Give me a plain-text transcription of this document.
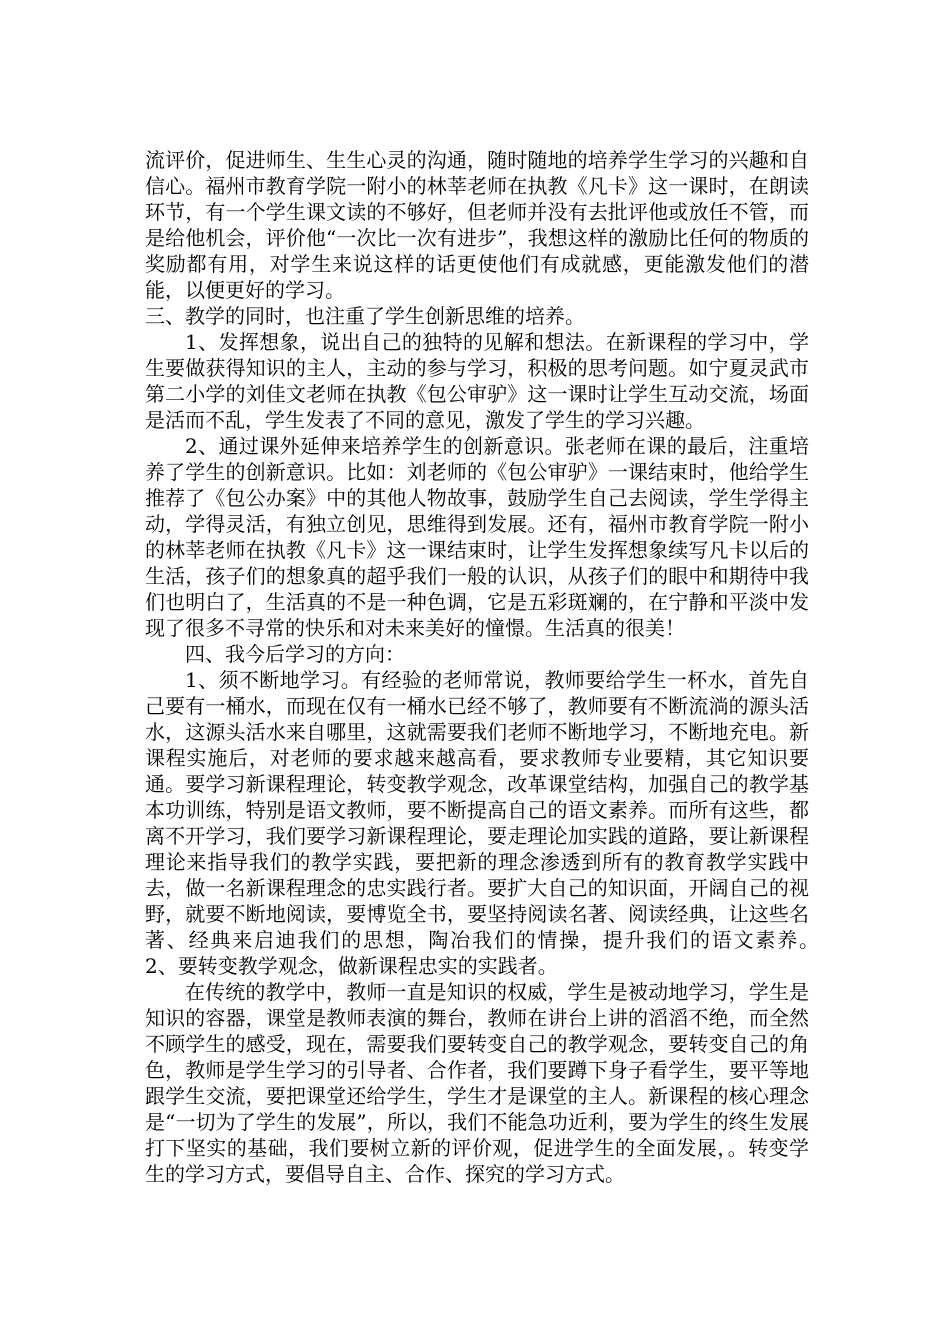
流评价，促进师生、生生心灵的沟通，随时随地的培养学生学习的兴趣和自信心。福州市教育学院一附小的林莘老师在执教《凡卡》这一课时，在朗读环节，有一个学生课文读的不够好，但老师并没有去批评他或放任不管，而是给他机会，评价他“一次比一次有进步”，我想这样的激励比任何的物质的奖励都有用，对学生来说这样的话更使他们有成就感，更能激发他们的潜能，以便更好的学习。

三、教学的同时，也注重了学生创新思维的培养。

1、发挥想象，说出自己的独特的见解和想法。在新课程的学习中，学生要做获得知识的主人，主动的参与学习，积极的思考问题。如宁夏灵武市第二小学的刘佳文老师在执教《包公审驴》这一课时让学生互动交流，场面是活而不乱，学生发表了不同的意见，激发了学生的学习兴趣。

2、通过课外延伸来培养学生的创新意识。张老师在课的最后，注重培养了学生的创新意识。比如：刘老师的《包公审驴》一课结束时，他给学生推荐了《包公办案》中的其他人物故事，鼓励学生自己去阅读，学生学得主动，学得灵活，有独立创见，思维得到发展。还有，福州市教育学院一附小的林莘老师在执教《凡卡》这一课结束时，让学生发挥想象续写凡卡以后的生活，孩子们的想象真的超乎我们一般的认识，从孩子们的眼中和期待中我们也明白了，生活真的不是一种色调，它是五彩斑斓的，在宁静和平淡中发现了很多不寻常的快乐和对未来美好的憧憬。生活真的很美！

四、我今后学习的方向：

1、须不断地学习。有经验的老师常说，教师要给学生一杯水，首先自己要有一桶水，而现在仅有一桶水已经不够了，教师要有不断流淌的源头活水，这源头活水来自哪里，这就需要我们老师不断地学习，不断地充电。新课程实施后，对老师的要求越来越高看，要求教师专业要精，其它知识要通。要学习新课程理论，转变教学观念，改革课堂结构，加强自己的教学基本功训练，特别是语文教师，要不断提高自己的语文素养。而所有这些，都离不开学习，我们要学习新课程理论，要走理论加实践的道路，要让新课程理论来指导我们的教学实践，要把新的理念渗透到所有的教育教学实践中去，做一名新课程理念的忠实践行者。要扩大自己的知识面，开阔自己的视野，就要不断地阅读，要博览全书，要坚持阅读名著、阅读经典，让这些名著、经典来启迪我们的思想，陶冶我们的情操，提升我们的语文素养。　　2、要转变教学观念，做新课程忠实的实践者。

在传统的教学中，教师一直是知识的权威，学生是被动地学习，学生是知识的容器，课堂是教师表演的舞台，教师在讲台上讲的滔滔不绝，而全然不顾学生的感受，现在，需要我们要转变自己的教学观念，要转变自己的角色，教师是学生学习的引导者、合作者，我们要蹲下身子看学生，要平等地跟学生交流，要把课堂还给学生，学生才是课堂的主人。新课程的核心理念是“一切为了学生的发展”，所以，我们不能急功近利，要为学生的终生发展打下坚实的基础，我们要树立新的评价观，促进学生的全面发展，。转变学生的学习方式，要倡导自主、合作、探究的学习方式。
